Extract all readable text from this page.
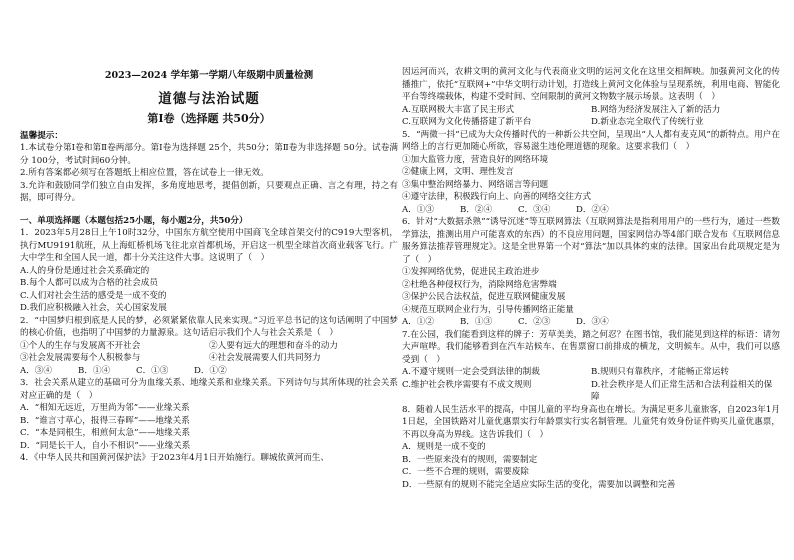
2023—2024 学年第一学期八年级期中质量检测

道德与法治试题

第Ⅰ卷（选择题 共50分）

温馨提示：

1.本试卷分第Ⅰ卷和第Ⅱ卷两部分。第Ⅰ卷为选择题 25个，共50分；第Ⅱ卷为非选择题 50分。试卷满分 100分，考试时间60分钟。

2.所有答案都必须写在答题纸上相应位置，答在试卷上一律无效。

3.允许和鼓励同学们独立自由发挥，多角度地思考，提倡创新，只要观点正确、言之有理，持之有据，即可得分。

一、单项选择题（本题包括25小题，每小题2分，共50分）

1．2023年5月28日上午10时32分，中国东方航空使用中国商飞全球首架交付的C919大型客机，执行MU9191航班，从上海虹桥机场飞往北京首都机场，开启这一机型全球首次商业载客飞行。广大中学生和全国人民一道，都十分关注这件大事。这说明了（　）

A.人的身份是通过社会关系确定的

B.每个人都可以成为合格的社会成员

C.人们对社会生活的感受是一成不变的

D.我们应积极融入社会，关心国家发展

2．“中国梦归根到底是人民的梦，必须紧紧依靠人民来实现。”习近平总书记的这句话阐明了中国梦的核心价值，也指明了中国梦的力量源泉。这句话启示我们个人与社会关系是（　）

①个人的生存与发展离不开社会	②人要有远大的理想和奋斗的动力
③社会发展需要每个人积极参与	④社会发展需要人们共同努力
A．③④	B．①④	C．①③	D．①②

3．社会关系从建立的基础可分为血缘关系、地缘关系和业缘关系。下列诗句与其所体现的社会关系对应正确的是（　）

A．“相知无远近，万里尚为邻”——业缘关系

B．“谁言寸草心，报得三春晖”——地缘关系

C．“本是同根生，相煎何太急”——地缘关系

D．“同是长干人，自小不相识”——业缘关系

4．《中华人民共和国黄河保护法》于2023年4月1日开始施行。聊城依黄河而生、

因运河而兴，农耕文明的黄河文化与代表商业文明的运河文化在这里交相辉映。加强黄河文化的传播推广，依托“互联网+”中华文明行动计划，打造线上黄河文化体验与呈现系统，利用电商、智能化平台等终端载体，构建不受时间、空间限制的黄河文物数字展示场景。这表明（　）

A.互联网极大丰富了民主形式	B.网络为经济发展注入了新的活力
C.互联网为文化传播搭建了新平台	D.新业态完全取代了传统行业

5．“两微一抖”已成为大众传播时代的一种新公共空间，呈现出“人人都有麦克风”的新特点。用户在网络上的言行更加随心所欲，容易滋生违伦理道德的现象。这要求我们（　）

①加大监管力度，营造良好的网络环境

②健康上网，文明、理性发言

③集中整治网络暴力、网络谣言等问题

④遵守法律，积极践行向上、向善的网络交往方式

A．①③	B．②④	C．③④	D．②④

6．针对“大数据杀熟”“诱导沉迷”等互联网算法（互联网算法是指利用用户的一些行为，通过一些数学算法，推测出用户可能喜欢的东西）的不良应用问题，国家网信办等4部门联合发布《互联网信息服务算法推荐管理规定》。这是全世界第一个对“算法”加以具体约束的法律。国家出台此项规定是为了（　）

①发挥网络优势，促进民主政治进步

②杜绝各种侵权行为，消除网络危害弊端

③保护公民合法权益，促进互联网健康发展

④规范互联网企业行为，引导传播网络正能量

A．①②	B．①③	C．②③	D．③④

7.在公园，我们能看到这样的牌子：芳草美美，踏之何忍？在图书馆，我们能见到这样的标语：请勿大声喧哗。我们能够看到在汽车站候车、在售票窗口前排成的横龙，文明候车。从中，我们可以感受到（　）

A.不遵守规则一定会受到法律的制裁	B.规则只有靠秩序，才能畅正常运转
C.维护社会秩序需要有不成文规则	D.社会秩序是人们正常生活和合法利益相关的保障

8．随着人民生活水平的提高，中国儿童的平均身高也在增长。为满足更多儿童旅客，自2023年1月1日起，全国铁路对儿童优惠票实行年龄票实行实名制管理。儿童凭有效身份证件购买儿童优惠票，不再以身高为界线。这告诉我们（　）

A．规则是一成不变的

B．一些原来没有的规则，需要制定

C．一些不合理的规则，需要废除

D．一些原有的规则不能完全适应实际生活的变化，需要加以调整和完善
